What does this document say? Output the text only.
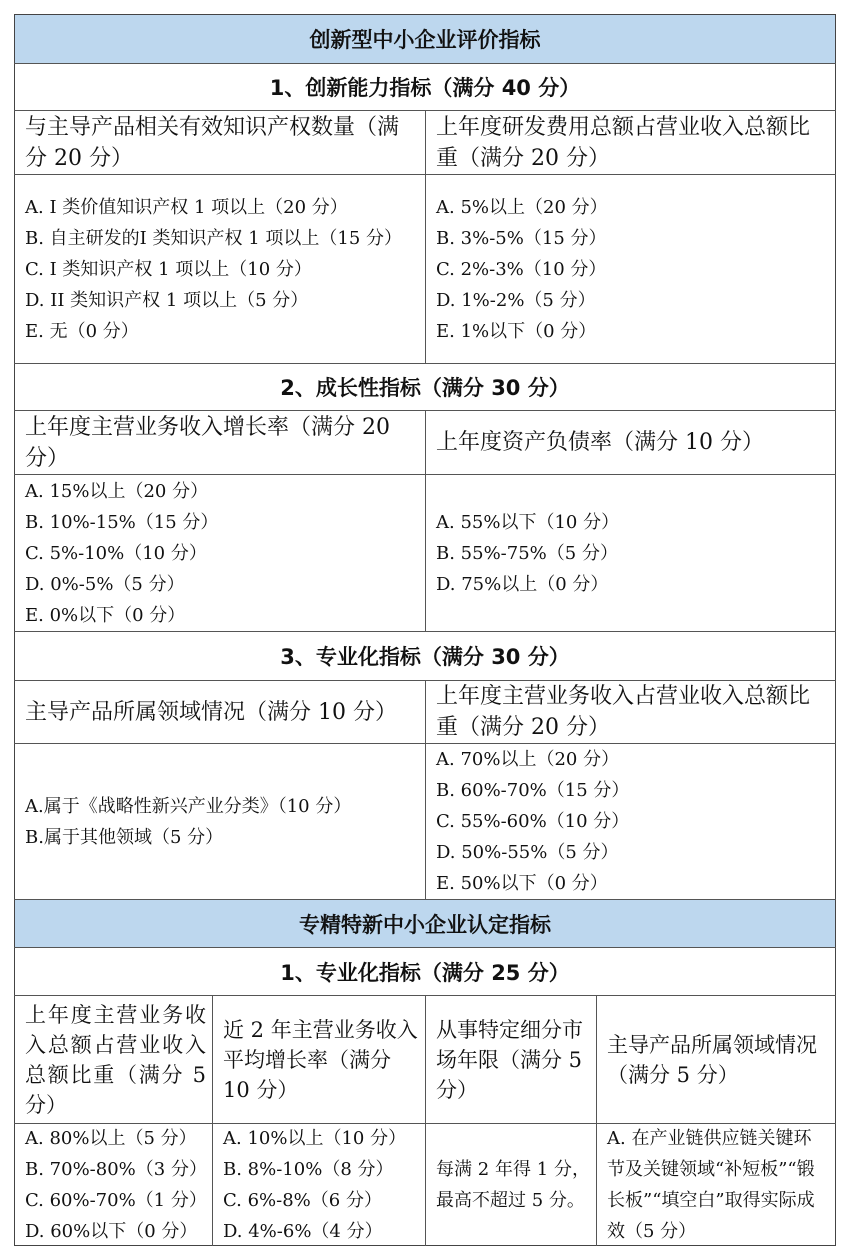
创新型中小企业评价指标
1、创新能力指标（满分 40 分）
与主导产品相关有效知识产权数量（满分 20 分）
上年度研发费用总额占营业收入总额比重（满分 20 分）
A. I 类价值知识产权 1 项以上（20 分）
B. 自主研发的I 类知识产权 1 项以上（15 分）
C. I 类知识产权 1 项以上（10 分）
D. II 类知识产权 1 项以上（5 分）
E. 无（0 分）
A. 5%以上（20 分）
B. 3%-5%（15 分）
C. 2%-3%（10 分）
D. 1%-2%（5 分）
E. 1%以下（0 分）
2、成长性指标（满分 30 分）
上年度主营业务收入增长率（满分 20 分）
上年度资产负债率（满分 10 分）
A. 15%以上（20 分）
B. 10%-15%（15 分）
C. 5%-10%（10 分）
D. 0%-5%（5 分）
E. 0%以下（0 分）
A. 55%以下（10 分）
B. 55%-75%（5 分）
D. 75%以上（0 分）
3、专业化指标（满分 30 分）
主导产品所属领域情况（满分 10 分）
上年度主营业务收入占营业收入总额比重（满分 20 分）
A.属于《战略性新兴产业分类》（10 分）
B.属于其他领域（5 分）
A. 70%以上（20 分）
B. 60%-70%（15 分）
C. 55%-60%（10 分）
D. 50%-55%（5 分）
E. 50%以下（0 分）
专精特新中小企业认定指标
1、专业化指标（满分 25 分）
上年度主营业务收入总额占营业收入总额比重（满分 5 分）
近 2 年主营业务收入平均增长率（满分 10 分）
从事特定细分市场年限（满分 5 分）
主导产品所属领域情况（满分 5 分）
A. 80%以上（5 分）
B. 70%-80%（3 分）
C. 60%-70%（1 分）
D. 60%以下（0 分）
A. 10%以上（10 分）
B. 8%-10%（8 分）
C. 6%-8%（6 分）
D. 4%-6%（4 分）
每满 2 年得 1 分，最高不超过 5 分。
A. 在产业链供应链关键环节及关键领域“补短板”“锻长板”“填空白”取得实际成效（5 分）
